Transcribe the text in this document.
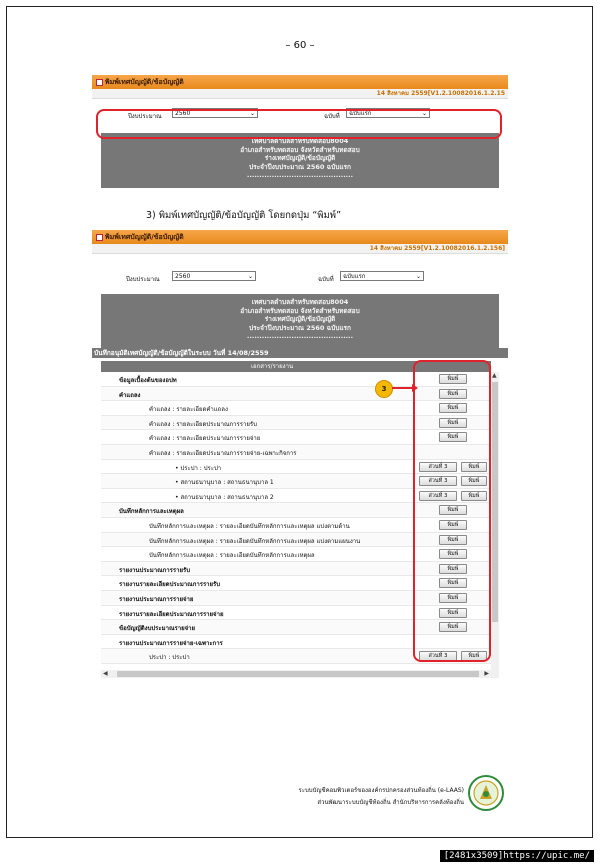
– 60 –
พิมพ์เทศบัญญัติ/ข้อบัญญัติ
14 สิงหาคม 2559[V1.2.10082016.1.2.15
ปีงบประมาณ	2560	⌄	ฉบับที่	ฉบับแรก	⌄
เทศบาลตำบลสำหรับทดสอบ8004
อำเภอสำหรับทดสอบ จังหวัดสำหรับทดสอบ
ร่างเทศบัญญัติ/ข้อบัญญัติ
ประจำปีงบประมาณ 2560 ฉบับแรก
...........................................
3) พิมพ์เทศบัญญัติ/ข้อบัญญัติ โดยกดปุ่ม “พิมพ์”
พิมพ์เทศบัญญัติ/ข้อบัญญัติ
14 สิงหาคม 2559[V1.2.10082016.1.2.156]
ปีงบประมาณ	2560	⌄	ฉบับที่	ฉบับแรก	⌄
เทศบาลตำบลสำหรับทดสอบ8004
อำเภอสำหรับทดสอบ จังหวัดสำหรับทดสอบ
ร่างเทศบัญญัติ/ข้อบัญญัติ
ประจำปีงบประมาณ 2560 ฉบับแรก
...........................................
บันทึกอนุมัติเทศบัญญัติ/ข้อบัญญัติในระบบ วันที่ 14/08/2559
เอกสาร/รายงาน
ข้อมูลเบื้องต้นของอปท	พิมพ์
คำแถลง	พิมพ์
คำแถลง : รายละเอียดคำแถลง	พิมพ์
คำแถลง : รายละเอียดประมาณการรายรับ	พิมพ์
คำแถลง : รายละเอียดประมาณการรายจ่าย	พิมพ์
คำแถลง : รายละเอียดประมาณการรายจ่าย-เฉพาะกิจการ
• ประปา : ประปา	ส่วนที่ 3	พิมพ์
• สถานธนานุบาล : สถานธนานุบาล 1	ส่วนที่ 3	พิมพ์
• สถานธนานุบาล : สถานธนานุบาล 2	ส่วนที่ 3	พิมพ์
บันทึกหลักการและเหตุผล	พิมพ์
บันทึกหลักการและเหตุผล : รายละเอียดบันทึกหลักการและเหตุผล แบ่งตามด้าน	พิมพ์
บันทึกหลักการและเหตุผล : รายละเอียดบันทึกหลักการและเหตุผล แบ่งตามแผนงาน	พิมพ์
บันทึกหลักการและเหตุผล : รายละเอียดบันทึกหลักการและเหตุผล	พิมพ์
รายงานประมาณการรายรับ	พิมพ์
รายงานรายละเอียดประมาณการรายรับ	พิมพ์
รายงานประมาณการรายจ่าย	พิมพ์
รายงานรายละเอียดประมาณการรายจ่าย	พิมพ์
ข้อบัญญัติงบประมาณรายจ่าย	พิมพ์
รายงานประมาณการรายจ่าย-เฉพาะการ
ประปา : ประปา	ส่วนที่ 3	พิมพ์
▲
◀	▶
3
ระบบบัญชีคอมพิวเตอร์ขององค์กรปกครองส่วนท้องถิ่น (e-LAAS)
ส่วนพัฒนาระบบบัญชีท้องถิ่น สำนักบริหารการคลังท้องถิ่น
[2481x3509]https://upic.me/
